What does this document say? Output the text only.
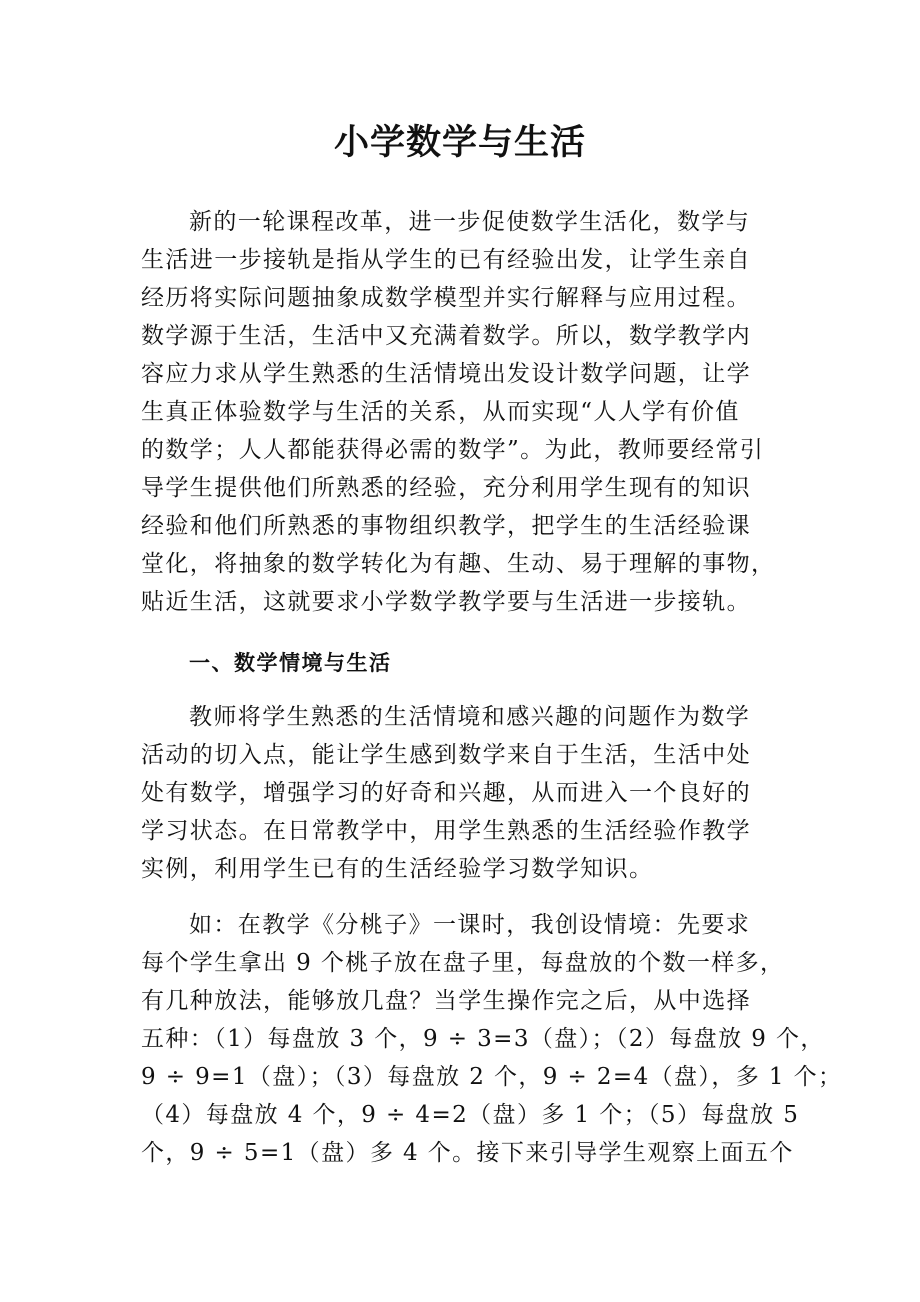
小学数学与生活

新的一轮课程改革，进一步促使数学生活化，数学与

生活进一步接轨是指从学生的已有经验出发，让学生亲自

经历将实际问题抽象成数学模型并实行解释与应用过程。

数学源于生活，生活中又充满着数学。所以，数学教学内

容应力求从学生熟悉的生活情境出发设计数学问题，让学

生真正体验数学与生活的关系，从而实现“人人学有价值

的数学；人人都能获得必需的数学”。为此，教师要经常引

导学生提供他们所熟悉的经验，充分利用学生现有的知识

经验和他们所熟悉的事物组织教学，把学生的生活经验课

堂化，将抽象的数学转化为有趣、生动、易于理解的事物，

贴近生活，这就要求小学数学教学要与生活进一步接轨。

一、数学情境与生活

教师将学生熟悉的生活情境和感兴趣的问题作为数学

活动的切入点，能让学生感到数学来自于生活，生活中处

处有数学，增强学习的好奇和兴趣，从而进入一个良好的

学习状态。在日常教学中，用学生熟悉的生活经验作教学

实例，利用学生已有的生活经验学习数学知识。

如：在教学《分桃子》一课时，我创设情境：先要求

每个学生拿出 9 个桃子放在盘子里，每盘放的个数一样多，

有几种放法，能够放几盘？当学生操作完之后，从中选择

五种：（1）每盘放 3 个，9 ÷ 3=3（盘）；（2）每盘放 9 个，

9 ÷ 9=1（盘）；（3）每盘放 2 个，9 ÷ 2=4（盘），多 1 个；

（4）每盘放 4 个，9 ÷ 4=2（盘）多 1 个；（5）每盘放 5

个，9 ÷ 5=1（盘）多 4 个。接下来引导学生观察上面五个
